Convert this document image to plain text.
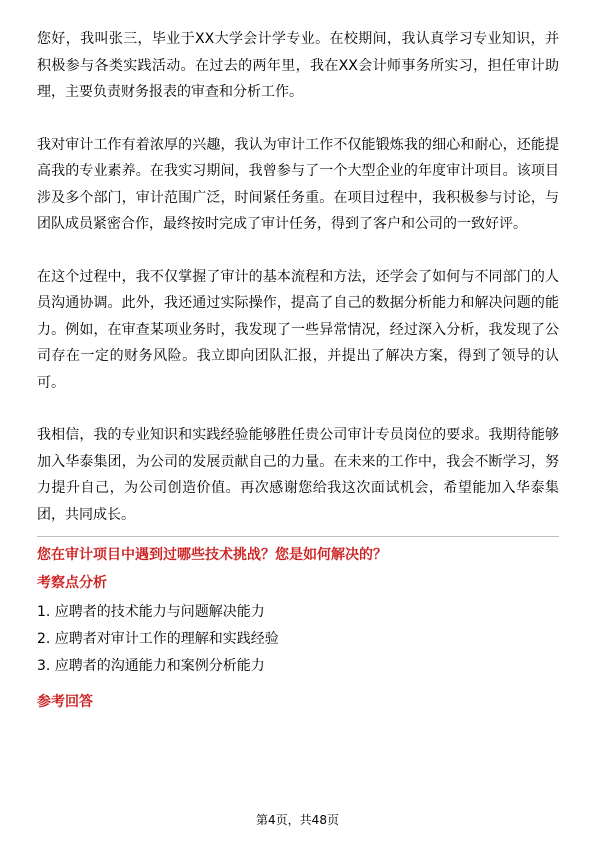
您好，我叫张三，毕业于XX大学会计学专业。在校期间，我认真学习专业知识，并积极参与各类实践活动。在过去的两年里，我在XX会计师事务所实习，担任审计助理，主要负责财务报表的审查和分析工作。

我对审计工作有着浓厚的兴趣，我认为审计工作不仅能锻炼我的细心和耐心，还能提高我的专业素养。在我实习期间，我曾参与了一个大型企业的年度审计项目。该项目涉及多个部门，审计范围广泛，时间紧任务重。在项目过程中，我积极参与讨论，与团队成员紧密合作，最终按时完成了审计任务，得到了客户和公司的一致好评。

在这个过程中，我不仅掌握了审计的基本流程和方法，还学会了如何与不同部门的人员沟通协调。此外，我还通过实际操作，提高了自己的数据分析能力和解决问题的能力。例如，在审查某项业务时，我发现了一些异常情况，经过深入分析，我发现了公司存在一定的财务风险。我立即向团队汇报，并提出了解决方案，得到了领导的认可。

我相信，我的专业知识和实践经验能够胜任贵公司审计专员岗位的要求。我期待能够加入华泰集团，为公司的发展贡献自己的力量。在未来的工作中，我会不断学习，努力提升自己，为公司创造价值。再次感谢您给我这次面试机会，希望能加入华泰集团，共同成长。

您在审计项目中遇到过哪些技术挑战？您是如何解决的？
考察点分析
1. 应聘者的技术能力与问题解决能力
2. 应聘者对审计工作的理解和实践经验
3. 应聘者的沟通能力和案例分析能力
参考回答
第4页，共48页
